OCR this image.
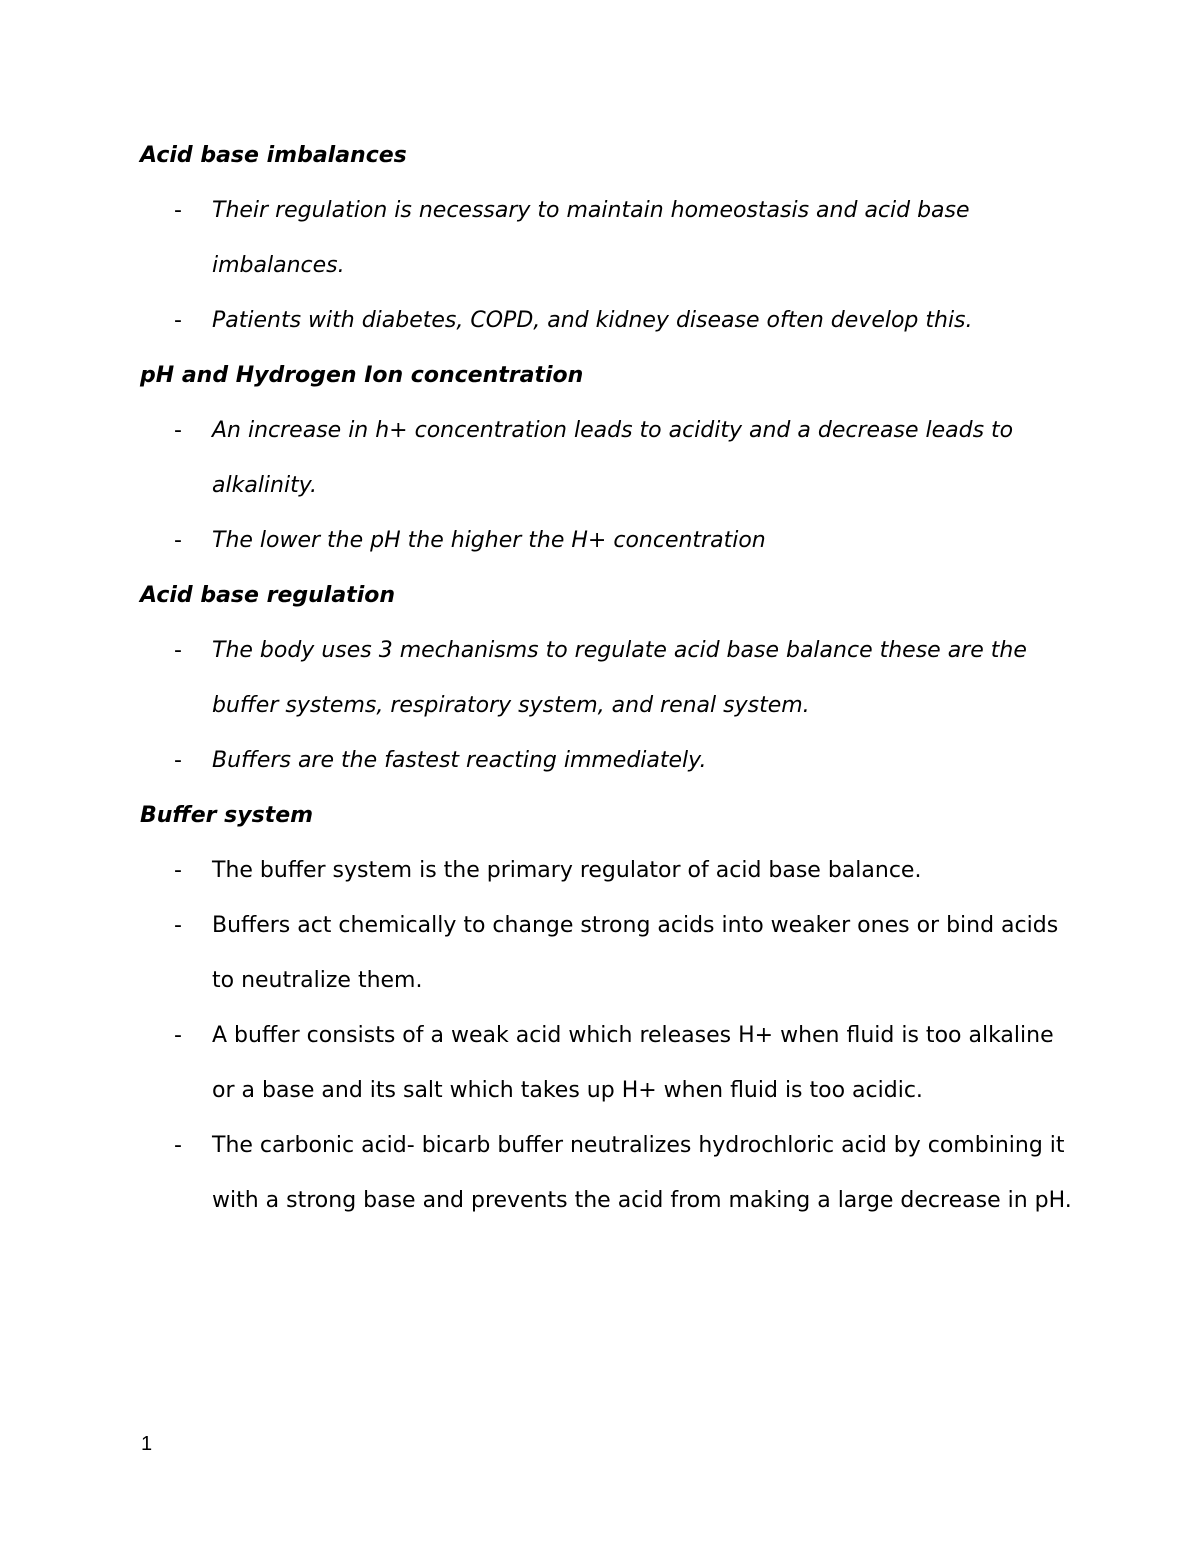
Acid base imbalances

- Their regulation is necessary to maintain homeostasis and acid base imbalances.
- Patients with diabetes, COPD, and kidney disease often develop this.

pH and Hydrogen Ion concentration

- An increase in h+ concentration leads to acidity and a decrease leads to alkalinity.
- The lower the pH the higher the H+ concentration

Acid base regulation

- The body uses 3 mechanisms to regulate acid base balance these are the buffer systems, respiratory system, and renal system.
- Buffers are the fastest reacting immediately.

Buffer system

- The buffer system is the primary regulator of acid base balance.
- Buffers act chemically to change strong acids into weaker ones or bind acids to neutralize them.
- A buffer consists of a weak acid which releases H+ when fluid is too alkaline or a base and its salt which takes up H+ when fluid is too acidic.
- The carbonic acid- bicarb buffer neutralizes hydrochloric acid by combining it with a strong base and prevents the acid from making a large decrease in pH.
1
